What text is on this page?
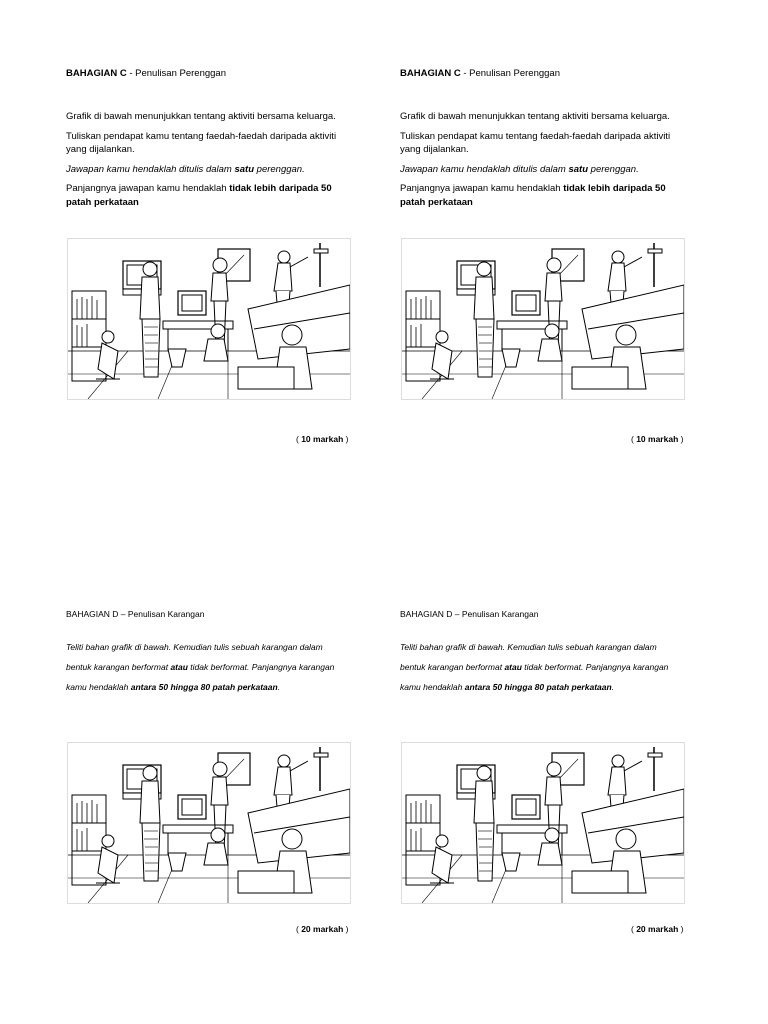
BAHAGIAN C - Penulisan Perenggan

Grafik di bawah menunjukkan tentang aktiviti bersama keluarga.

Tuliskan pendapat kamu tentang faedah-faedah daripada aktiviti
yang dijalankan.

Jawapan kamu hendaklah ditulis dalam satu perenggan.

Panjangnya jawapan kamu hendaklah tidak lebih daripada 50
patah perkataan

( 10 markah )

BAHAGIAN C - Penulisan Perenggan

Grafik di bawah menunjukkan tentang aktiviti bersama keluarga.

Tuliskan pendapat kamu tentang faedah-faedah daripada aktiviti
yang dijalankan.

Jawapan kamu hendaklah ditulis dalam satu perenggan.

Panjangnya jawapan kamu hendaklah tidak lebih daripada 50
patah perkataan

( 10 markah )

BAHAGIAN D – Penulisan Karangan

Teliti bahan grafik di bawah. Kemudian tulis sebuah karangan dalam

bentuk karangan berformat atau tidak berformat. Panjangnya karangan

kamu hendaklah antara 50 hingga 80 patah perkataan.

( 20 markah )

BAHAGIAN D – Penulisan Karangan

Teliti bahan grafik di bawah. Kemudian tulis sebuah karangan dalam

bentuk karangan berformat atau tidak berformat. Panjangnya karangan

kamu hendaklah antara 50 hingga 80 patah perkataan.

( 20 markah )
